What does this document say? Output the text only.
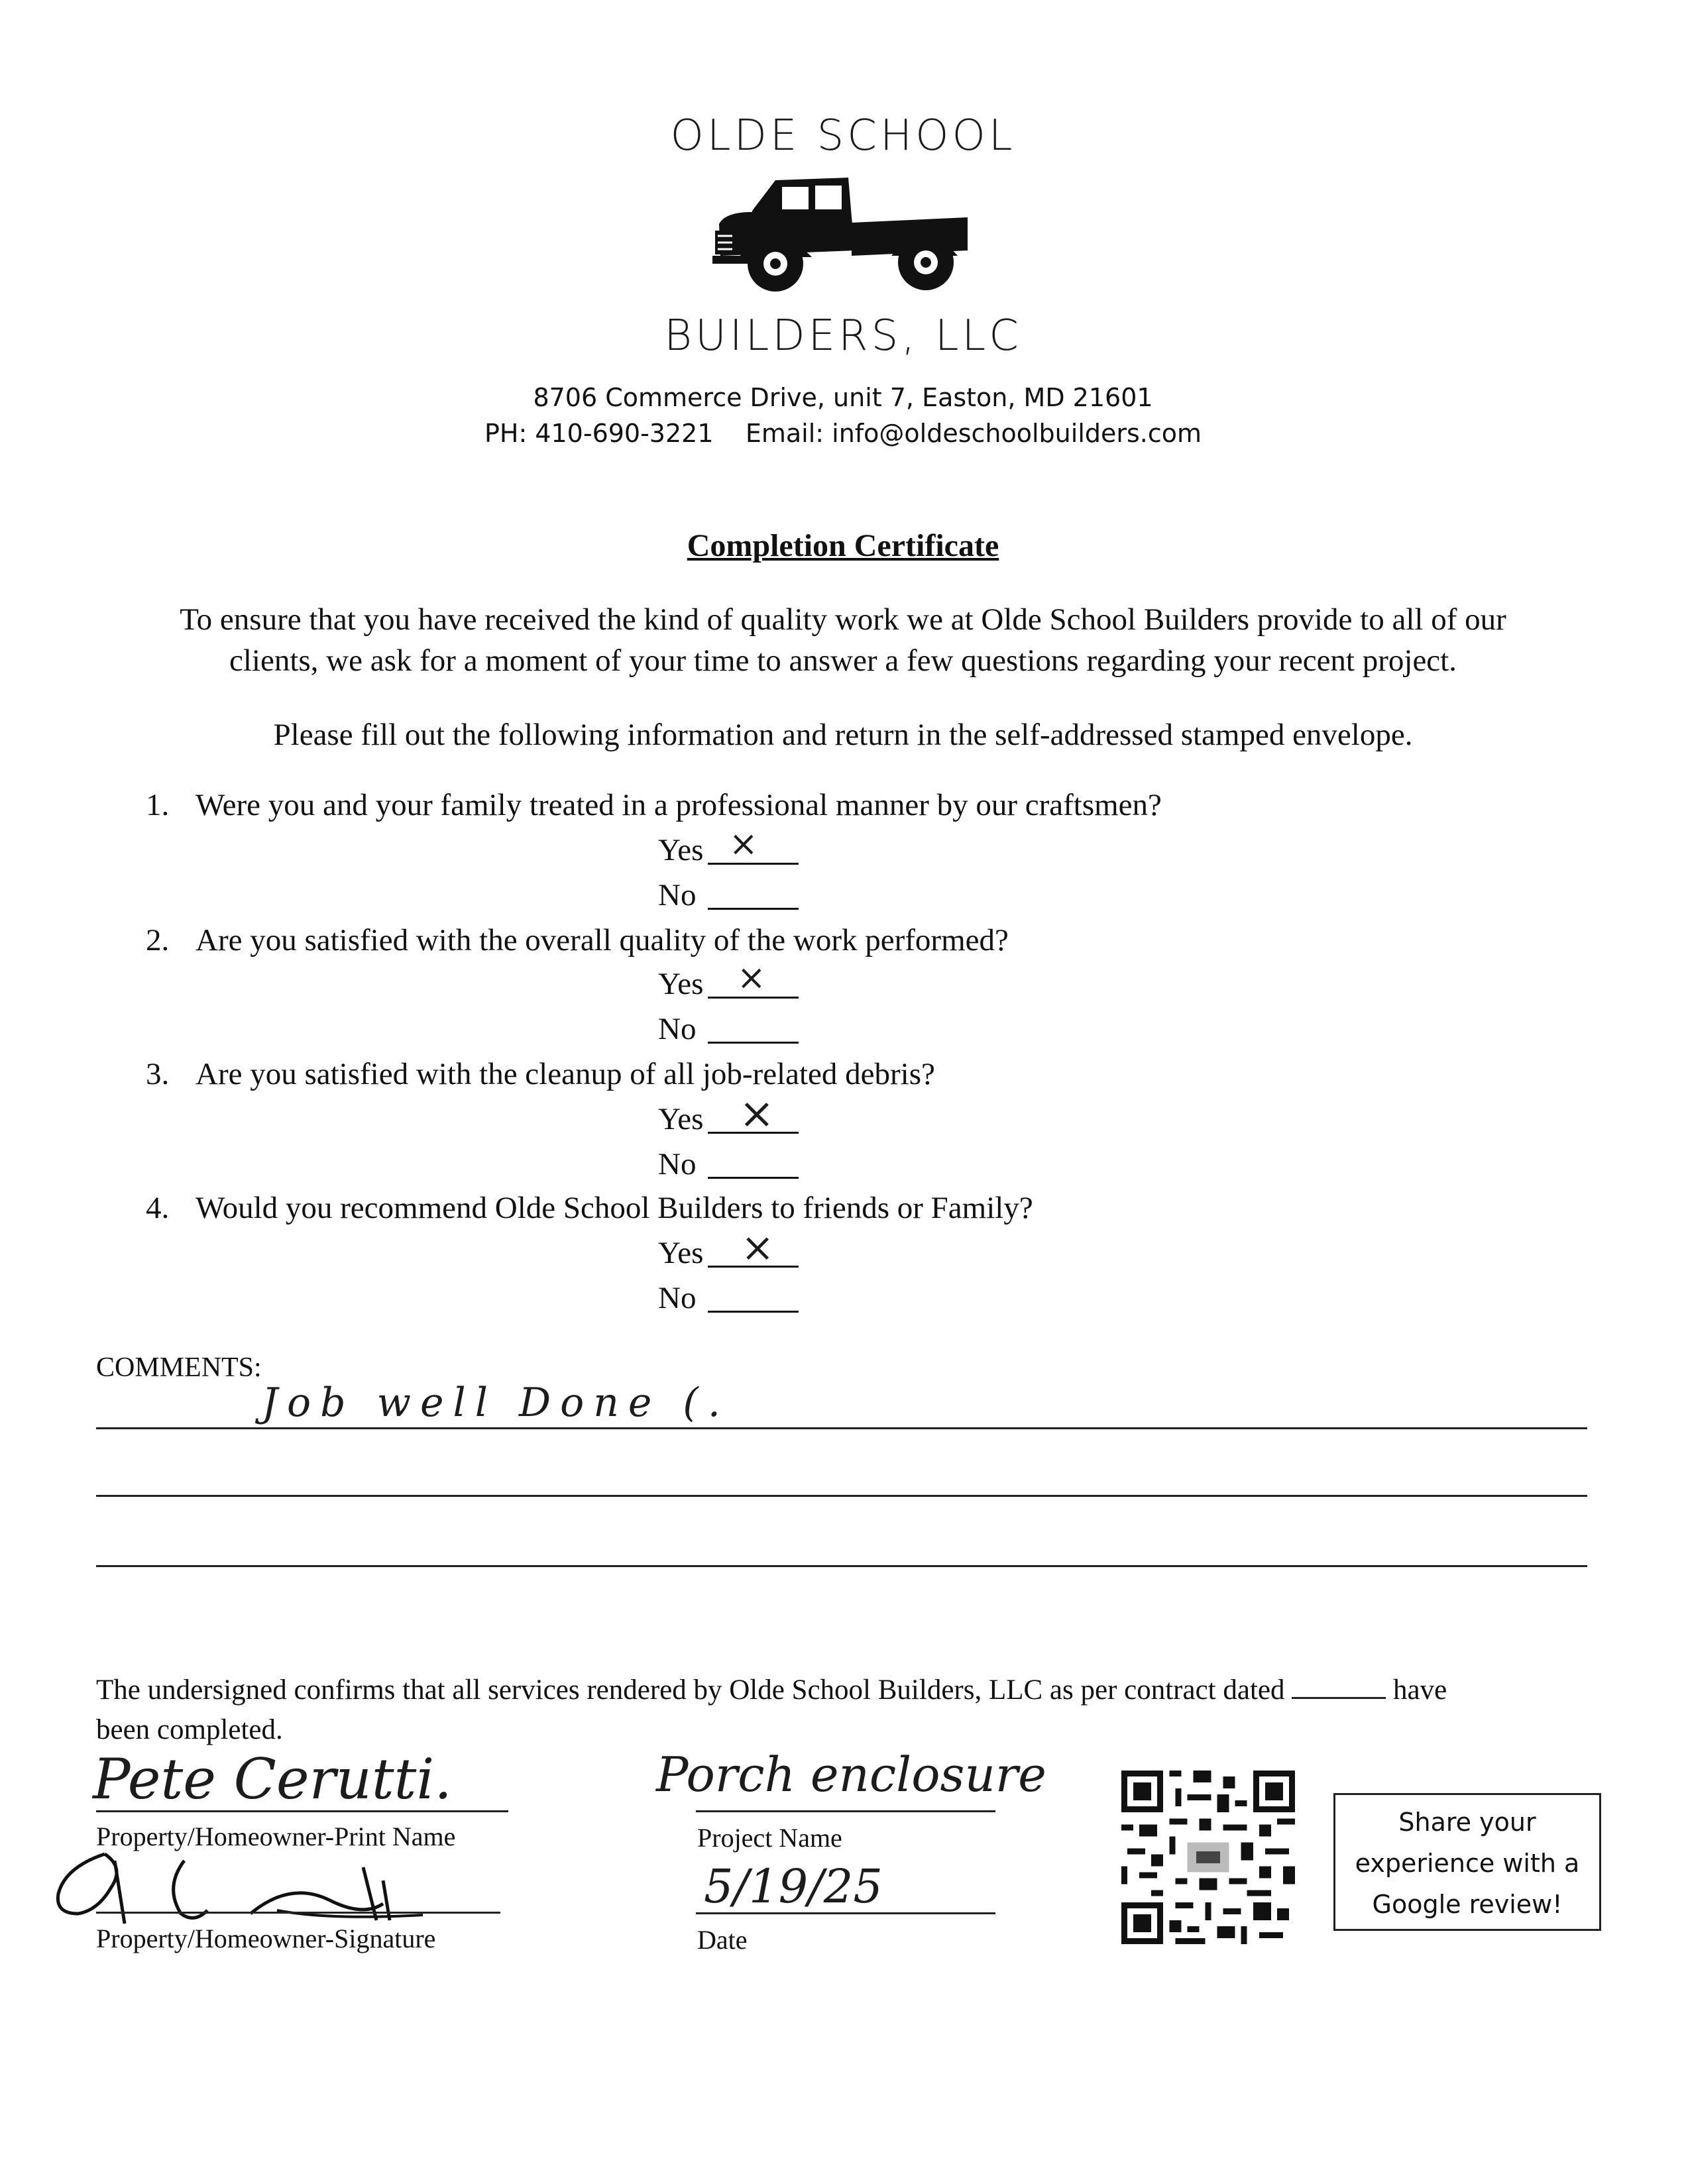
OLDE SCHOOL
BUILDERS, LLC
8706 Commerce Drive, unit 7, Easton, MD 21601
PH: 410-690-3221 Email: info@oldeschoolbuilders.com
Completion Certificate
To ensure that you have received the kind of quality work we at Olde School Builders provide to all of our
clients, we ask for a moment of your time to answer a few questions regarding your recent project.
Please fill out the following information and return in the self-addressed stamped envelope.
1. Were you and your family treated in a professional manner by our craftsmen?
Yes ×
No
2. Are you satisfied with the overall quality of the work performed?
Yes ×
No
3. Are you satisfied with the cleanup of all job-related debris?
Yes ×
No
4. Would you recommend Olde School Builders to friends or Family?
Yes ×
No
COMMENTS:
Job well Done (.
The undersigned confirms that all services rendered by Olde School Builders, LLC as per contract dated	have
been completed.
Pete Cerutti.
Property/Homeowner-Print Name
Property/Homeowner-Signature
Porch enclosure
Project Name
5/19/25
Date
Share your
experience with a
Google review!
